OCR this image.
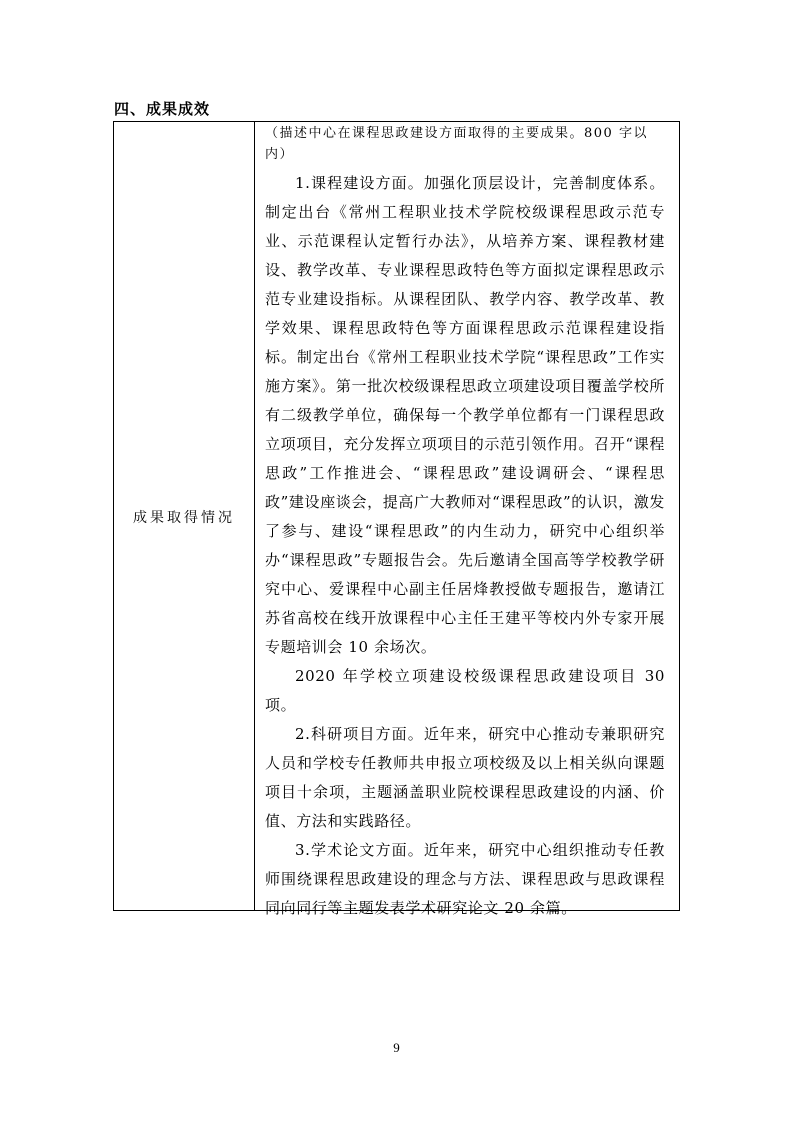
四、成果成效
成果取得情况

（描述中心在课程思政建设方面取得的主要成果。800 字以内）

1.课程建设方面。加强化顶层设计，完善制度体系。制定出台《常州工程职业技术学院校级课程思政示范专业、示范课程认定暂行办法》，从培养方案、课程教材建设、教学改革、专业课程思政特色等方面拟定课程思政示范专业建设指标。从课程团队、教学内容、教学改革、教学效果、课程思政特色等方面课程思政示范课程建设指标。制定出台《常州工程职业技术学院“课程思政”工作实施方案》。第一批次校级课程思政立项建设项目覆盖学校所有二级教学单位，确保每一个教学单位都有一门课程思政立项项目，充分发挥立项项目的示范引领作用。召开“课程思政”工作推进会、“课程思政”建设调研会、“课程思政”建设座谈会，提高广大教师对“课程思政”的认识，激发了参与、建设“课程思政”的内生动力，研究中心组织举办“课程思政”专题报告会。先后邀请全国高等学校教学研究中心、爱课程中心副主任居烽教授做专题报告，邀请江苏省高校在线开放课程中心主任王建平等校内外专家开展专题培训会 10 余场次。

2020 年学校立项建设校级课程思政建设项目 30 项。

2.科研项目方面。近年来，研究中心推动专兼职研究人员和学校专任教师共申报立项校级及以上相关纵向课题项目十余项，主题涵盖职业院校课程思政建设的内涵、价值、方法和实践路径。

3.学术论文方面。近年来，研究中心组织推动专任教师围绕课程思政建设的理念与方法、课程思政与思政课程同向同行等主题发表学术研究论文 20 余篇。

9
